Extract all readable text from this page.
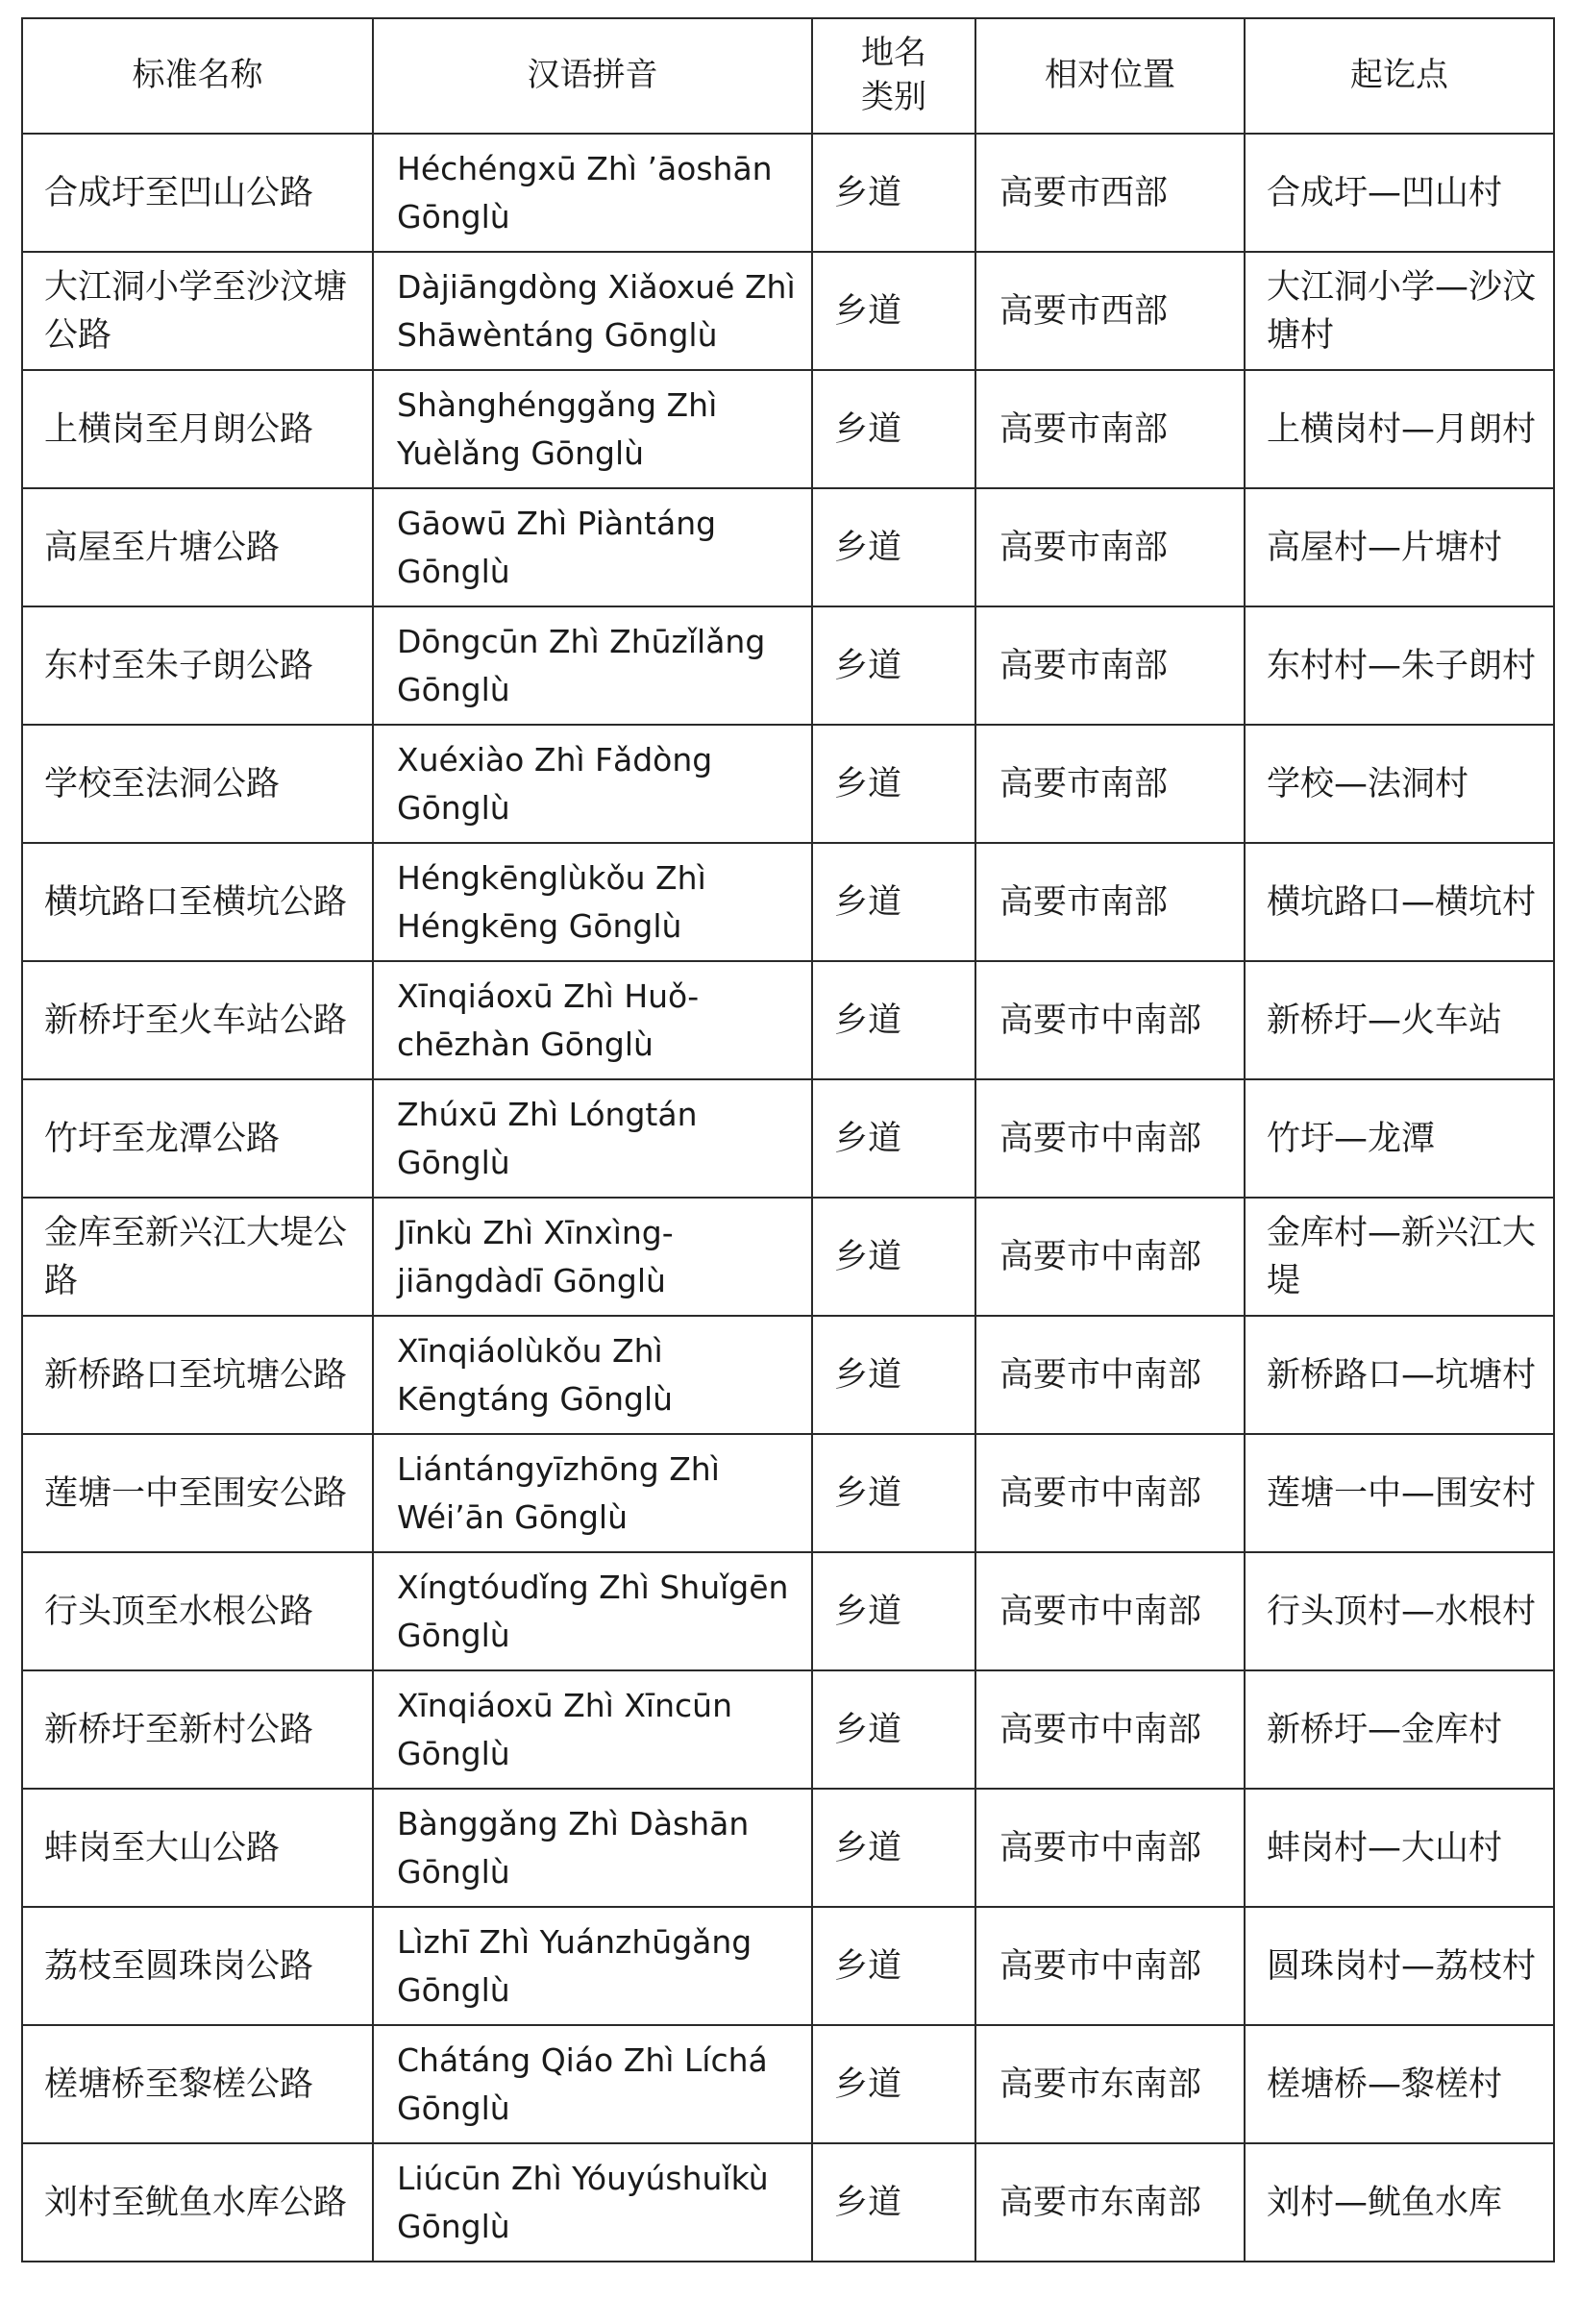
标准名称	汉语拼音	地名类别	相对位置	起讫点
合成圩至凹山公路	Héchéngxū Zhì ’āoshān Gōnglù	乡道	高要市西部	合成圩—凹山村
大江洞小学至沙汶塘公路	Dàjiāngdòng Xiǎoxué Zhì Shāwèntáng Gōnglù	乡道	高要市西部	大江洞小学—沙汶塘村
上横岗至月朗公路	Shànghénggǎng Zhì Yuèlǎng Gōnglù	乡道	高要市南部	上横岗村—月朗村
高屋至片塘公路	Gāowū Zhì Piàntáng Gōnglù	乡道	高要市南部	高屋村—片塘村
东村至朱子朗公路	Dōngcūn Zhì Zhūzǐlǎng Gōnglù	乡道	高要市南部	东村村—朱子朗村
学校至法洞公路	Xuéxiào Zhì Fǎdòng Gōnglù	乡道	高要市南部	学校—法洞村
横坑路口至横坑公路	Héngkēnglùkǒu Zhì Héngkēng Gōnglù	乡道	高要市南部	横坑路口—横坑村
新桥圩至火车站公路	Xīnqiáoxū Zhì Huǒ-chēzhàn Gōnglù	乡道	高要市中南部	新桥圩—火车站
竹圩至龙潭公路	Zhúxū Zhì Lóngtán Gōnglù	乡道	高要市中南部	竹圩—龙潭
金库至新兴江大堤公路	Jīnkù Zhì Xīnxìng-jiāngdàdī Gōnglù	乡道	高要市中南部	金库村—新兴江大堤
新桥路口至坑塘公路	Xīnqiáolùkǒu Zhì Kēngtáng Gōnglù	乡道	高要市中南部	新桥路口—坑塘村
莲塘一中至围安公路	Liántángyīzhōng Zhì Wéi’ān Gōnglù	乡道	高要市中南部	莲塘一中—围安村
行头顶至水根公路	Xíngtóudǐng Zhì Shuǐgēn Gōnglù	乡道	高要市中南部	行头顶村—水根村
新桥圩至新村公路	Xīnqiáoxū Zhì Xīncūn Gōnglù	乡道	高要市中南部	新桥圩—金库村
蚌岗至大山公路	Bànggǎng Zhì Dàshān Gōnglù	乡道	高要市中南部	蚌岗村—大山村
荔枝至圆珠岗公路	Lìzhī Zhì Yuánzhūgǎng Gōnglù	乡道	高要市中南部	圆珠岗村—荔枝村
槎塘桥至黎槎公路	Chátáng Qiáo Zhì Líchá Gōnglù	乡道	高要市东南部	槎塘桥—黎槎村
刘村至鱿鱼水库公路	Liúcūn Zhì Yóuyúshuǐkù Gōnglù	乡道	高要市东南部	刘村—鱿鱼水库
